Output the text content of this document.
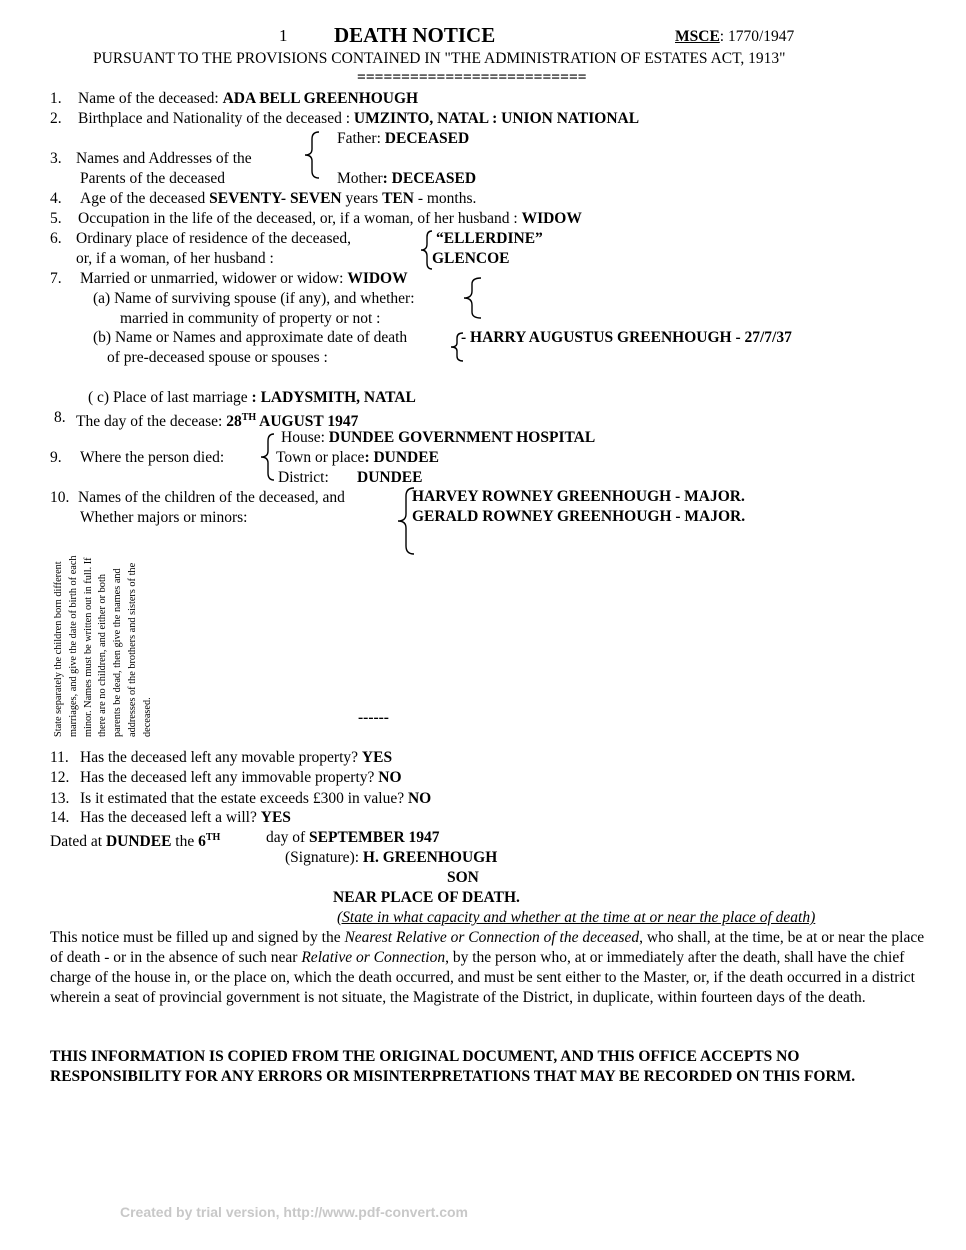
1 DEATH NOTICE	MSCE: 1770/1947
PURSUANT TO THE PROVISIONS CONTAINED IN "THE ADMINISTRATION OF ESTATES ACT, 1913"
==========================
1. Name of the deceased: ADA BELL GREENHOUGH
2. Birthplace and Nationality of the deceased : UMZINTO, NATAL : UNION NATIONAL
Father: DECEASED
3. Names and Addresses of the
Parents of the deceased	Mother: DECEASED
4. Age of the deceased SEVENTY- SEVEN years TEN - months.
5. Occupation in the life of the deceased, or, if a woman, of her husband : WIDOW
6. Ordinary place of residence of the deceased,
or, if a woman, of her husband :
“ELLERDINE”
GLENCOE
7. Married or unmarried, widower or widow: WIDOW
(a) Name of surviving spouse (if any), and whether:
married in community of property or not :
(b) Name or Names and approximate date of death	- HARRY AUGUSTUS GREENHOUGH - 27/7/37
of pre-deceased spouse or spouses :
( c) Place of last marriage : LADYSMITH, NATAL
8. The day of the decease: 28TH AUGUST 1947
House: DUNDEE GOVERNMENT HOSPITAL
9. Where the person died:	Town or place: DUNDEE
District: DUNDEE
10. Names of the children of the deceased, and
Whether majors or minors:
HARVEY ROWNEY GREENHOUGH - MAJOR.
GERALD ROWNEY GREENHOUGH - MAJOR.
State separately the children born different marriages, and give the date of birth of each minor. Names must be written out in full. If there are no children, and either or both parents be dead, then give the names and addresses of the brothers and sisters of the deceased.	------
11. Has the deceased left any movable property? YES
12. Has the deceased left any immovable property? NO
13. Is it estimated that the estate exceeds £300 in value? NO
14. Has the deceased left a will? YES
Dated at DUNDEE the 6TH	day of SEPTEMBER 1947
(Signature): H. GREENHOUGH
SON
NEAR PLACE OF DEATH.
(State in what capacity and whether at the time at or near the place of death)
This notice must be filled up and signed by the Nearest Relative or Connection of the deceased, who shall, at the time, be at or near the place of death - or in the absence of such near Relative or Connection, by the person who, at or immediately after the death, shall have the chief charge of the house in, or the place on, which the death occurred, and must be sent either to the Master, or, if the death occurred in a district wherein a seat of provincial government is not situate, the Magistrate of the District, in duplicate, within fourteen days of the death.
THIS INFORMATION IS COPIED FROM THE ORIGINAL DOCUMENT, AND THIS OFFICE ACCEPTS NO RESPONSIBILITY FOR ANY ERRORS OR MISINTERPRETATIONS THAT MAY BE RECORDED ON THIS FORM.
Created by trial version, http://www.pdf-convert.com
